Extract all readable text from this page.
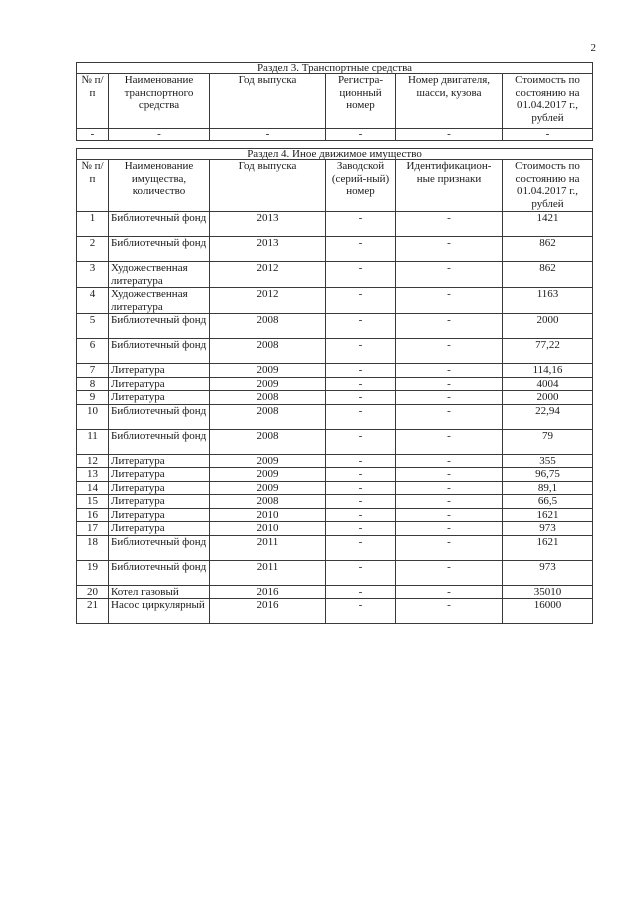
2
Раздел 3. Транспортные средства					
№ п/п	Наименование транспортного средства	Год выпуска	Регистра-ционный номер	Номер двигателя, шасси, кузова	Стоимость по состоянию на 01.04.2017 г., рублей
-	-	-	-	-	-
Раздел 4. Иное движимое имущество					
№ п/п	Наименование имущества, количество	Год выпуска	Заводской (серий-ный) номер	Идентификацион-ные признаки	Стоимость по состоянию на 01.04.2017 г., рублей
1	Библиотечный фонд	2013	-	-	1421
2	Библиотечный фонд	2013	-	-	862
3	Художественная литература	2012	-	-	862
4	Художественная литература	2012	-	-	1163
5	Библиотечный фонд	2008	-	-	2000
6	Библиотечный фонд	2008	-	-	77,22
7	Литература	2009	-	-	114,16
8	Литература	2009	-	-	4004
9	Литература	2008	-	-	2000
10	Библиотечный фонд	2008	-	-	22,94
11	Библиотечный фонд	2008	-	-	79
12	Литература	2009	-	-	355
13	Литература	2009	-	-	96,75
14	Литература	2009	-	-	89,1
15	Литература	2008	-	-	66,5
16	Литература	2010	-	-	1621
17	Литература	2010	-	-	973
18	Библиотечный фонд	2011	-	-	1621
19	Библиотечный фонд	2011	-	-	973
20	Котел газовый	2016	-	-	35010
21	Насос циркулярный	2016	-	-	16000
